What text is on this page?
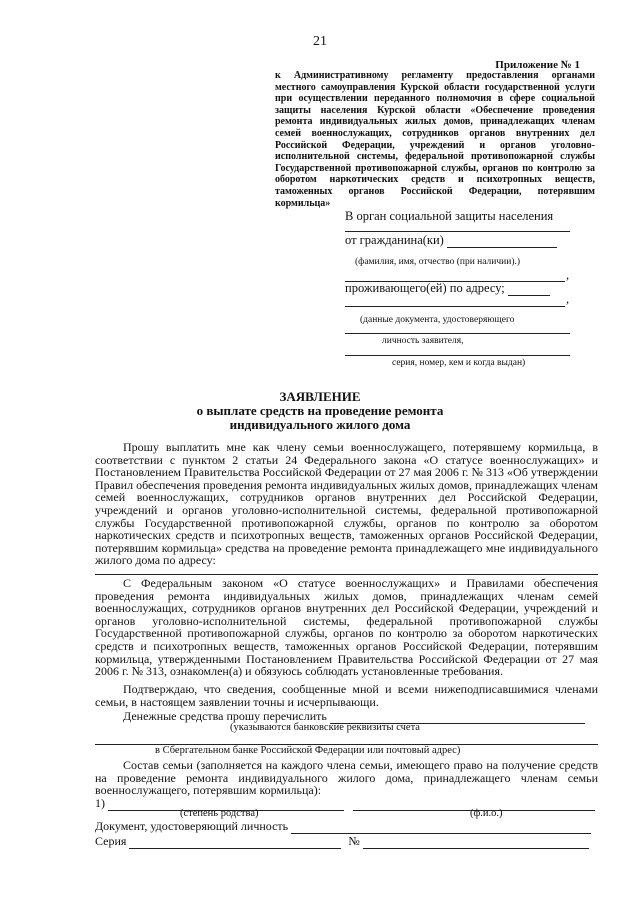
21
Приложение № 1
к Административному регламенту предоставления органами местного самоуправления Курской области государственной услуги при осуществлении переданного полномочия в сфере социальной защиты населения Курской области «Обеспечение проведения ремонта индивидуальных жилых домов, принадлежащих членам семей военнослужащих, сотрудников органов внутренних дел Российской Федерации, учреждений и органов уголовно-исполнительной системы, федеральной противопожарной службы Государственной противопожарной службы, органов по контролю за оборотом наркотических средств и психотропных веществ, таможенных органов Российской Федерации, потерявшим кормильца»
В орган социальной защиты населения
от гражданина(ки)
(фамилия, имя, отчество (при наличии).)
,
проживающего(ей) по адресу;
,
(данные документа, удостоверяющего
личность заявителя,
серия, номер, кем и когда выдан)
ЗАЯВЛЕНИЕ
о выплате средств на проведение ремонта
индивидуального жилого дома
Прошу выплатить мне как члену семьи военнослужащего, потерявшему кормильца, в соответствии с пунктом 2 статьи 24 Федерального закона «О статусе военнослужащих» и Постановлением Правительства Российской Федерации от 27 мая 2006 г. № 313 «Об утверждении Правил обеспечения проведения ремонта индивидуальных жилых домов, принадлежащих членам семей военнослужащих, сотрудников органов внутренних дел Российской Федерации, учреждений и органов уголовно-исполнительной системы, федеральной противопожарной службы Государственной противопожарной службы, органов по контролю за оборотом наркотических средств и психотропных веществ, таможенных органов Российской Федерации, потерявшим кормильца» средства на проведение ремонта принадлежащего мне индивидуального жилого дома по адресу:
С Федеральным законом «О статусе военнослужащих» и Правилами обеспечения проведения ремонта индивидуальных жилых домов, принадлежащих членам семей военнослужащих, сотрудников органов внутренних дел Российской Федерации, учреждений и органов уголовно-исполнительной системы, федеральной противопожарной службы Государственной противопожарной службы, органов по контролю за оборотом наркотических средств и психотропных веществ, таможенных органов Российской Федерации, потерявшим кормильца, утвержденными Постановлением Правительства Российской Федерации от 27 мая 2006 г. № 313, ознакомлен(а) и обязуюсь соблюдать установленные требования.
Подтверждаю, что сведения, сообщенные мной и всеми нижеподписавшимися членами семьи, в настоящем заявлении точны и исчерпывающи.
Денежные средства прошу перечислить
(указываются банковские реквизиты счета
в Сбергательном банке Российской Федерации или почтовый адрес)
Состав семьи (заполняется на каждого члена семьи, имеющего право на получение средств на проведение ремонта индивидуального жилого дома, принадлежащего членам семьи военнослужащего, потерявшим кормильца):
1)
(степень родства)	(ф.и.о.)
Документ, удостоверяющий личность
Серия	№
